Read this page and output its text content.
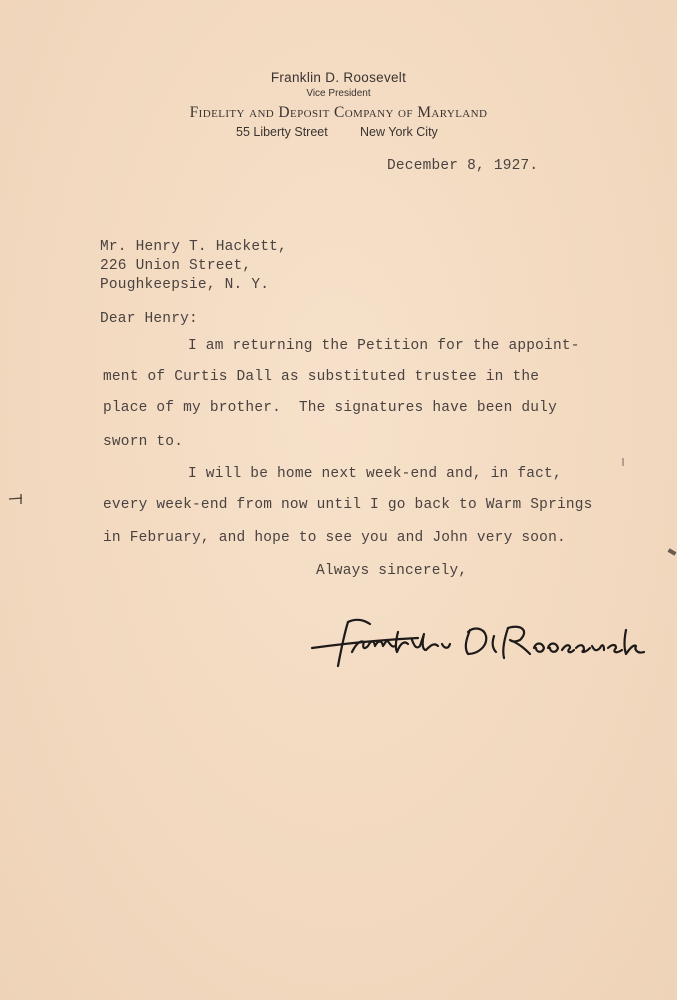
Franklin D. Roosevelt
Vice President
Fidelity and Deposit Company of Maryland
55 Liberty Street	New York City
December 8, 1927.
Mr. Henry T. Hackett,
226 Union Street,
Poughkeepsie, N. Y.
Dear Henry:
I am returning the Petition for the appoint-
ment of Curtis Dall as substituted trustee in the
place of my brother.  The signatures have been duly
sworn to.
I will be home next week-end and, in fact,
every week-end from now until I go back to Warm Springs
in February, and hope to see you and John very soon.
Always sincerely,
